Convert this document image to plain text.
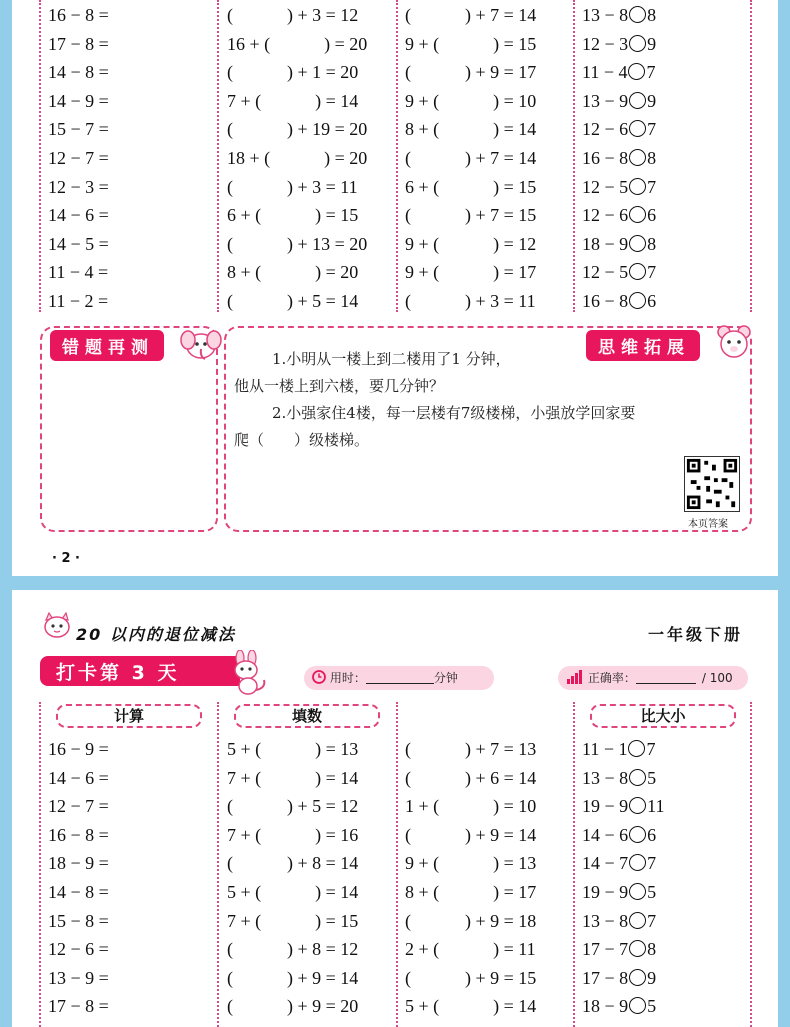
错题再测	思维拓展
1.小明从一楼上到二楼用了1 分钟，
他从一楼上到六楼，要几分钟？
2.小强家住4楼，每一层楼有7级楼梯，小强放学回家要
爬（　　）级楼梯。
本页答案
· 2 ·
16 − 8 =	(　　　) + 3 = 12	(　　　) + 7 = 14	13 − 8 8
17 − 8 =	16 + (　　　) = 20 9 + (　　　) = 15	12 − 3 9
14 − 8 =	(　　　) + 1 = 20	(　　　) + 9 = 17	11 − 4 7
14 − 9 =	7 + (　　　) = 14	9 + (　　　) = 10	13 − 9 9
15 − 7 =	(　　　) + 19 = 20 8 + (　　　) = 14	12 − 6 7
12 − 7 =	18 + (　　　) = 20 (　　　) + 7 = 14	16 − 8 8
12 − 3 =	(　　　) + 3 = 11	6 + (　　　) = 15	12 − 5 7
14 − 6 =	6 + (　　　) = 15	(　　　) + 7 = 15	12 − 6 6
14 − 5 =	(　　　) + 13 = 20 9 + (　　　) = 12	18 − 9 8
11 − 4 =	8 + (　　　) = 20	9 + (　　　) = 17	12 − 5 7
11 − 2 =	(　　　) + 5 = 14	(　　　) + 3 = 11	16 − 8 6
20 以内的退位减法	一年级下册
打卡第 3 天	用时：	分钟	正确率：	/ 100
计算	填数	比大小
16 − 9 =	5 + (　　　) = 13	(　　　) + 7 = 13	11 − 1 7
14 − 6 =	7 + (　　　) = 14	(　　　) + 6 = 14	13 − 8 5
12 − 7 =	(　　　) + 5 = 12	1 + (　　　) = 10	19 − 9 11
16 − 8 =	7 + (　　　) = 16	(　　　) + 9 = 14	14 − 6 6
18 − 9 =	(　　　) + 8 = 14	9 + (　　　) = 13	14 − 7 7
14 − 8 =	5 + (　　　) = 14	8 + (　　　) = 17	19 − 9 5
15 − 8 =	7 + (　　　) = 15	(　　　) + 9 = 18	13 − 8 7
12 − 6 =	(　　　) + 8 = 12	2 + (　　　) = 11	17 − 7 8
13 − 9 =	(　　　) + 9 = 14	(　　　) + 9 = 15	17 − 8 9
17 − 8 =	(　　　) + 9 = 20	5 + (　　　) = 14	18 − 9 5
